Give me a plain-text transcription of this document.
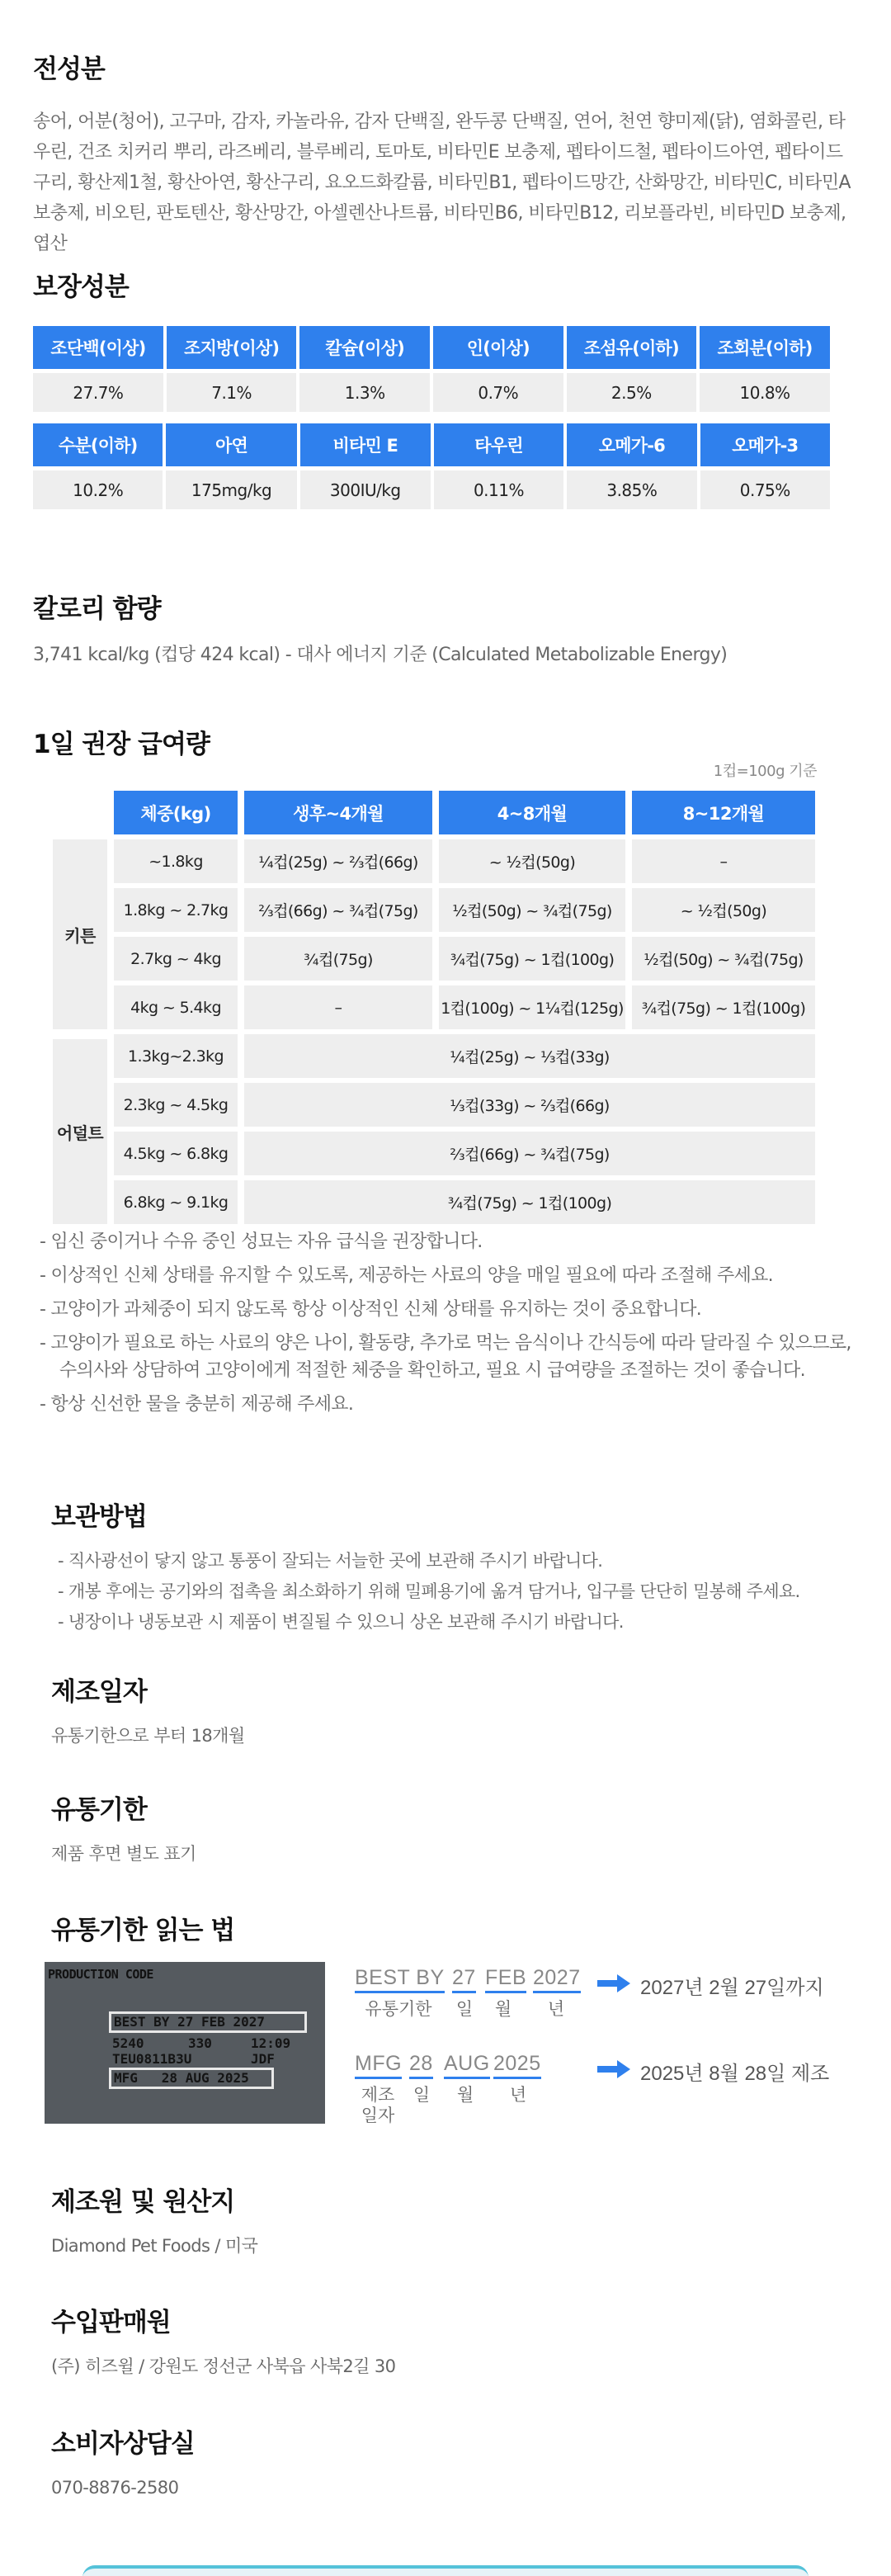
전성분

송어, 어분(청어), 고구마, 감자, 카놀라유, 감자 단백질, 완두콩 단백질, 연어, 천연 향미제(닭), 염화콜린, 타우린, 건조 치커리 뿌리, 라즈베리, 블루베리, 토마토, 비타민E 보충제, 펩타이드철, 펩타이드아연, 펩타이드구리, 황산제1철, 황산아연, 황산구리, 요오드화칼륨, 비타민B1, 펩타이드망간, 산화망간, 비타민C, 비타민A 보충제, 비오틴, 판토텐산, 황산망간, 아셀렌산나트륨, 비타민B6, 비타민B12, 리보플라빈, 비타민D 보충제, 엽산

보장성분
조단백(이상)	조지방(이상)	칼슘(이상)	인(이상)	조섬유(이하)	조회분(이하)
27.7%	7.1%	1.3%	0.7%	2.5%	10.8%
수분(이하)	아연	비타민 E	타우린	오메가-6	오메가-3
10.2%	175mg/kg	300IU/kg	0.11%	3.85%	0.75%
칼로리 함량

3,741 kcal/kg (컵당 424 kcal) - 대사 에너지 기준 (Calculated Metabolizable Energy)

1일 권장 급여량
1컵=100g 기준
	체중(kg)	생후~4개월	4~8개월	8~12개월
키튼	~1.8kg	¼컵(25g) ~ ⅔컵(66g)	~ ½컵(50g)	–
	1.8kg ~ 2.7kg	⅔컵(66g) ~ ¾컵(75g)	½컵(50g) ~ ¾컵(75g)	~ ½컵(50g)
	2.7kg ~ 4kg	¾컵(75g)	¾컵(75g) ~ 1컵(100g)	½컵(50g) ~ ¾컵(75g)
	4kg ~ 5.4kg	–	1컵(100g) ~ 1¼컵(125g)	¾컵(75g) ~ 1컵(100g)
어덜트	1.3kg~2.3kg	¼컵(25g) ~ ⅓컵(33g)		
	2.3kg ~ 4.5kg	⅓컵(33g) ~ ⅔컵(66g)		
	4.5kg ~ 6.8kg	⅔컵(66g) ~ ¾컵(75g)		
	6.8kg ~ 9.1kg	¾컵(75g) ~ 1컵(100g)		
- 임신 중이거나 수유 중인 성묘는 자유 급식을 권장합니다.
- 이상적인 신체 상태를 유지할 수 있도록, 제공하는 사료의 양을 매일 필요에 따라 조절해 주세요.
- 고양이가 과체중이 되지 않도록 항상 이상적인 신체 상태를 유지하는 것이 중요합니다.
- 고양이가 필요로 하는 사료의 양은 나이, 활동량, 추가로 먹는 음식이나 간식등에 따라 달라질 수 있으므로,수의사와 상담하여 고양이에게 적절한 체중을 확인하고, 필요 시 급여량을 조절하는 것이 좋습니다.
- 항상 신선한 물을 충분히 제공해 주세요.
보관방법
- 직사광선이 닿지 않고 통풍이 잘되는 서늘한 곳에 보관해 주시기 바랍니다.
- 개봉 후에는 공기와의 접촉을 최소화하기 위해 밀폐용기에 옮겨 담거나, 입구를 단단히 밀봉해 주세요.
- 냉장이나 냉동보관 시 제품이 변질될 수 있으니 상온 보관해 주시기 바랍니다.
제조일자

유통기한으로 부터 18개월

유통기한

제품 후면 별도 표기

유통기한 읽는 법
PRODUCTION CODE
BEST BY 27 FEB 2027
5240	330	12:09
TEU0811B3U	JDF
MFG   28 AUG 2025
BEST BY 27 FEB 2027
유통기한 일	월	년
2027년 2월 27일까지
MFG 28 AUG 2025
제조
일자
일	월	년
2025년 8월 28일 제조
제조원 및 원산지

Diamond Pet Foods / 미국

수입판매원

(주) 히즈윌 / 강원도 정선군 사북읍 사북2길 30

소비자상담실

070-8876-2580
